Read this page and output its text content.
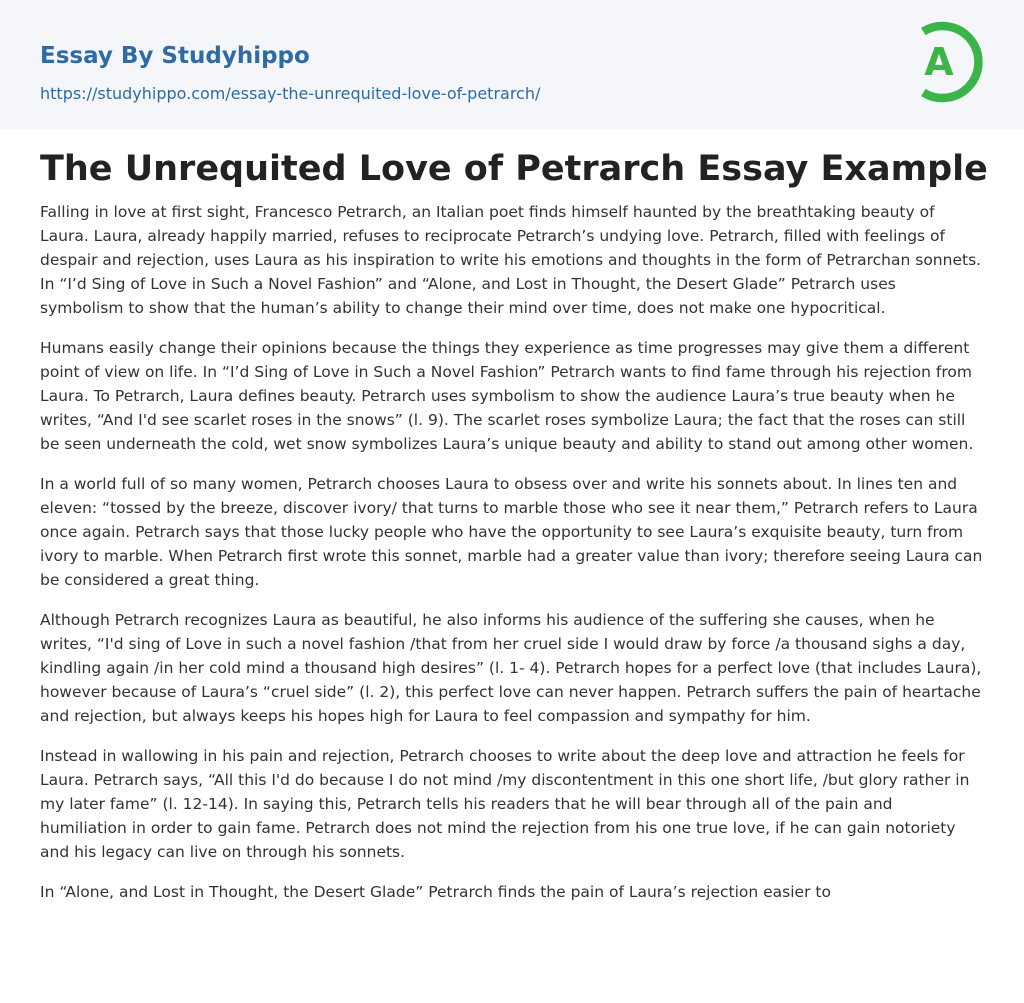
Essay By Studyhippo
https://studyhippo.com/essay-the-unrequited-love-of-petrarch/
A
The Unrequited Love of Petrarch Essay Example

Falling in love at first sight, Francesco Petrarch, an Italian poet finds himself haunted by the breathtaking beauty of Laura. Laura, already happily married, refuses to reciprocate Petrarch’s undying love. Petrarch, filled with feelings of despair and rejection, uses Laura as his inspiration to write his emotions and thoughts in the form of Petrarchan sonnets. In “I’d Sing of Love in Such a Novel Fashion” and “Alone, and Lost in Thought, the Desert Glade” Petrarch uses symbolism to show that the human’s ability to change their mind over time, does not make one hypocritical.

Humans easily change their opinions because the things they experience as time progresses may give them a different point of view on life. In “I’d Sing of Love in Such a Novel Fashion” Petrarch wants to find fame through his rejection from Laura. To Petrarch, Laura defines beauty. Petrarch uses symbolism to show the audience Laura’s true beauty when he writes, “And I'd see scarlet roses in the snows” (l. 9). The scarlet roses symbolize Laura; the fact that the roses can still be seen underneath the cold, wet snow symbolizes Laura’s unique beauty and ability to stand out among other women.

In a world full of so many women, Petrarch chooses Laura to obsess over and write his sonnets about. In lines ten and eleven: “tossed by the breeze, discover ivory/ that turns to marble those who see it near them,” Petrarch refers to Laura once again. Petrarch says that those lucky people who have the opportunity to see Laura’s exquisite beauty, turn from ivory to marble. When Petrarch first wrote this sonnet, marble had a greater value than ivory; therefore seeing Laura can be considered a great thing.

Although Petrarch recognizes Laura as beautiful, he also informs his audience of the suffering she causes, when he writes, “I'd sing of Love in such a novel fashion /that from her cruel side I would draw by force /a thousand sighs a day, kindling again /in her cold mind a thousand high desires” (l. 1- 4). Petrarch hopes for a perfect love (that includes Laura), however because of Laura’s “cruel side” (l. 2), this perfect love can never happen. Petrarch suffers the pain of heartache and rejection, but always keeps his hopes high for Laura to feel compassion and sympathy for him.

Instead in wallowing in his pain and rejection, Petrarch chooses to write about the deep love and attraction he feels for Laura. Petrarch says, “All this I'd do because I do not mind /my discontentment in this one short life, /but glory rather in my later fame” (l. 12-14). In saying this, Petrarch tells his readers that he will bear through all of the pain and humiliation in order to gain fame. Petrarch does not mind the rejection from his one true love, if he can gain notoriety and his legacy can live on through his sonnets.

In “Alone, and Lost in Thought, the Desert Glade” Petrarch finds the pain of Laura’s rejection easier to
